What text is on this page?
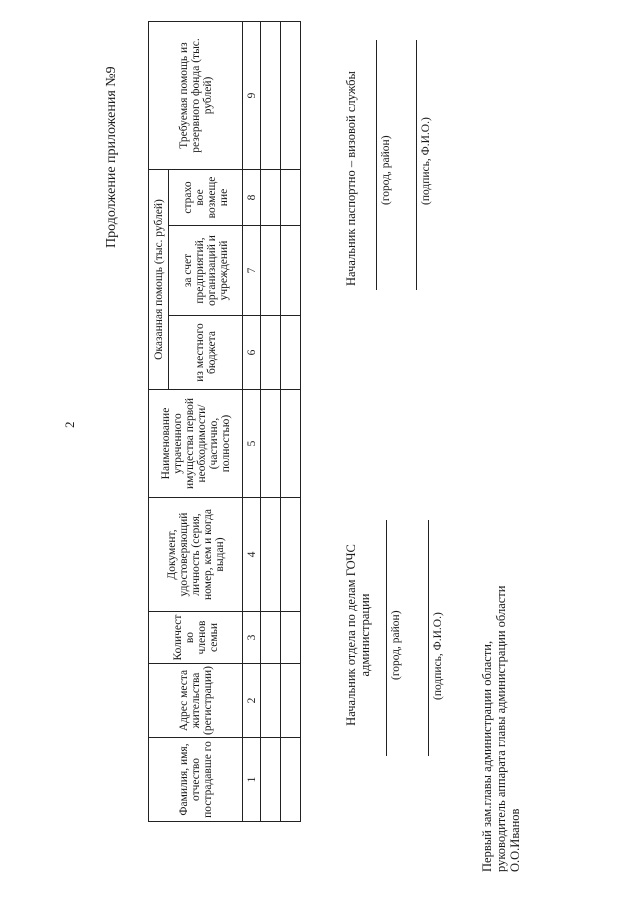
2
Продолжение приложения №9
Фамилия, имя, отчество пострадавше го	Адрес места жительства (регистрации)	Количест во членов семьи	Документ, удостоверяющий личность (серия, номер, кем и когда выдан)	Наименование утраченного имущества первой необходимости/ (частично, полностью)	Оказанная помощь (тыс. рублей)			Требуемая помощь из резервного фонда (тыс. рублей)
					из местного бюджета	за счет предприятий, организаций и учреждений	страхо вое возмеще ние	
1	2	3	4	5	6	7	8	9

Начальник отдела по делам ГОЧС администрации (город, район)	(подпись, Ф.И.О.)
Начальник паспортно – визовой службы (город, район) (подпись, Ф.И.О.)
Первый зам.главы администрации области, руководитель аппарата главы администрации области О.О.Иванов
